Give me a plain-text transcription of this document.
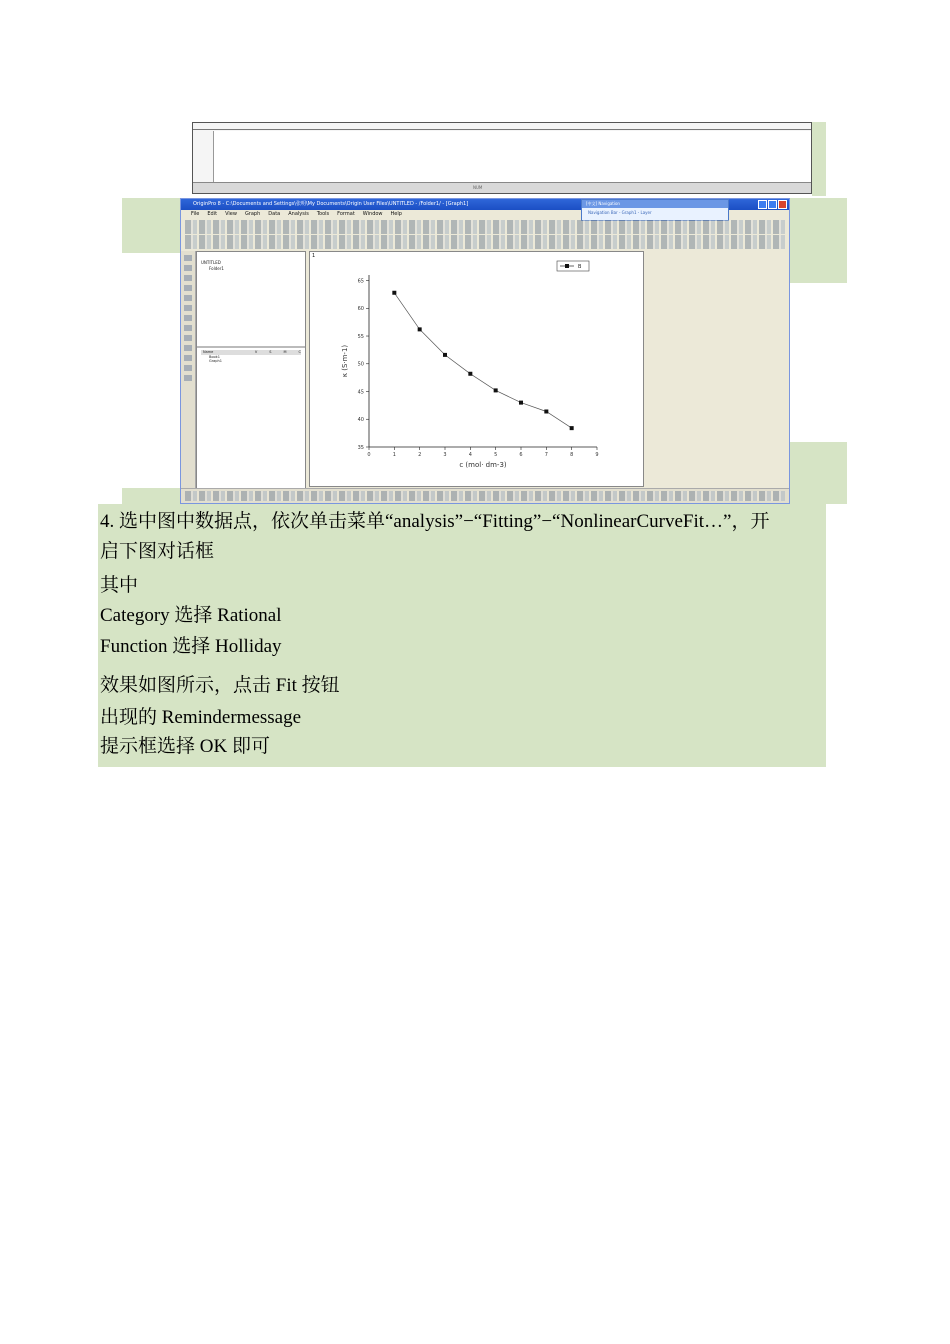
NUM
OriginPro 8 - C:\Documents and Settings\张明\My Documents\Origin User Files\UNTITLED - /Folder1/ - [Graph1]	[中文] Navigation
Navigation Bar - Graph1 - Layer
File Edit View Graph Data Analysis Tools Format Window Help
UNTITLED
Folder1
Name	V	S	M	C
Book1
Graph1
1
0	1	2	3	4	5	6	7	8	9
35
40
45
50
55
60
65
c (mol· dm-3)
κ (S·m-1)
B
4. 选中图中数据点，依次单击菜单“analysis”−“Fitting”−“NonlinearCurveFit…”，开
启下图对话框
其中
Category 选择 Rational
Function 选择 Holliday
效果如图所示，点击 Fit 按钮
出现的 Remindermessage
提示框选择 OK 即可
